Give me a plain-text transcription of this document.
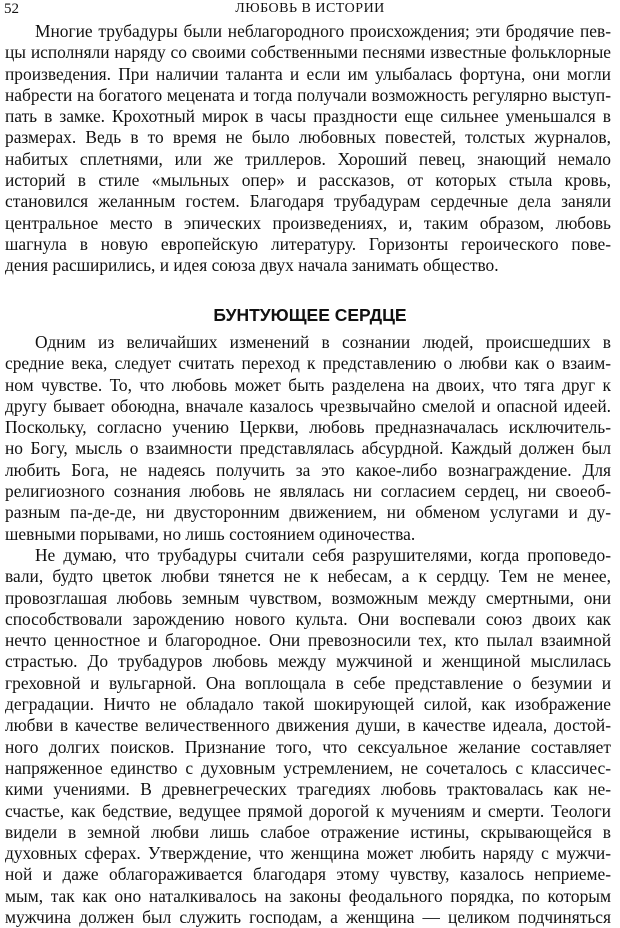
52	ЛЮБОВЬ В ИСТОРИИ
Многие трубадуры были неблагородного происхождения; эти бродячие пев-
цы исполняли наряду со своими собственными песнями известные фольклорные
произведения. При наличии таланта и если им улыбалась фортуна, они могли
набрести на богатого мецената и тогда получали возможность регулярно выступ-
пать в замке. Крохотный мирок в часы праздности еще сильнее уменьшался в
размерах. Ведь в то время не было любовных повестей, толстых журналов,
набитых сплетнями, или же триллеров. Хороший певец, знающий немало
историй в стиле «мыльных опер» и рассказов, от которых стыла кровь,
становился желанным гостем. Благодаря трубадурам сердечные дела заняли
центральное место в эпических произведениях, и, таким образом, любовь
шагнула в новую европейскую литературу. Горизонты героического пове-
дения расширились, и идея союза двух начала занимать общество.
БУНТУЮЩЕЕ СЕРДЦЕ
Одним из величайших изменений в сознании людей, происшедших в
средние века, следует считать переход к представлению о любви как о взаим-
ном чувстве. То, что любовь может быть разделена на двоих, что тяга друг к
другу бывает обоюдна, вначале казалось чрезвычайно смелой и опасной идеей.
Поскольку, согласно учению Церкви, любовь предназначалась исключитель-
но Богу, мысль о взаимности представлялась абсурдной. Каждый должен был
любить Бога, не надеясь получить за это какое-либо вознаграждение. Для
религиозного сознания любовь не являлась ни согласием сердец, ни своеоб-
разным па-де-де, ни двусторонним движением, ни обменом услугами и ду-
шевными порывами, но лишь состоянием одиночества.
Не думаю, что трубадуры считали себя разрушителями, когда проповедо-
вали, будто цветок любви тянется не к небесам, а к сердцу. Тем не менее,
провозглашая любовь земным чувством, возможным между смертными, они
способствовали зарождению нового культа. Они воспевали союз двоих как
нечто ценностное и благородное. Они превозносили тех, кто пылал взаимной
страстью. До трубадуров любовь между мужчиной и женщиной мыслилась
греховной и вульгарной. Она воплощала в себе представление о безумии и
деградации. Ничто не обладало такой шокирующей силой, как изображение
любви в качестве величественного движения души, в качестве идеала, достой-
ного долгих поисков. Признание того, что сексуальное желание составляет
напряженное единство с духовным устремлением, не сочеталось с классичес-
кими учениями. В древнегреческих трагедиях любовь трактовалась как не-
счастье, как бедствие, ведущее прямой дорогой к мучениям и смерти. Теологи
видели в земной любви лишь слабое отражение истины, скрывающейся в
духовных сферах. Утверждение, что женщина может любить наряду с мужчи-
ной и даже облагораживается благодаря этому чувству, казалось неприеме-
мым, так как оно наталкивалось на законы феодального порядка, по которым
мужчина должен был служить господам, а женщина — целиком подчиняться
